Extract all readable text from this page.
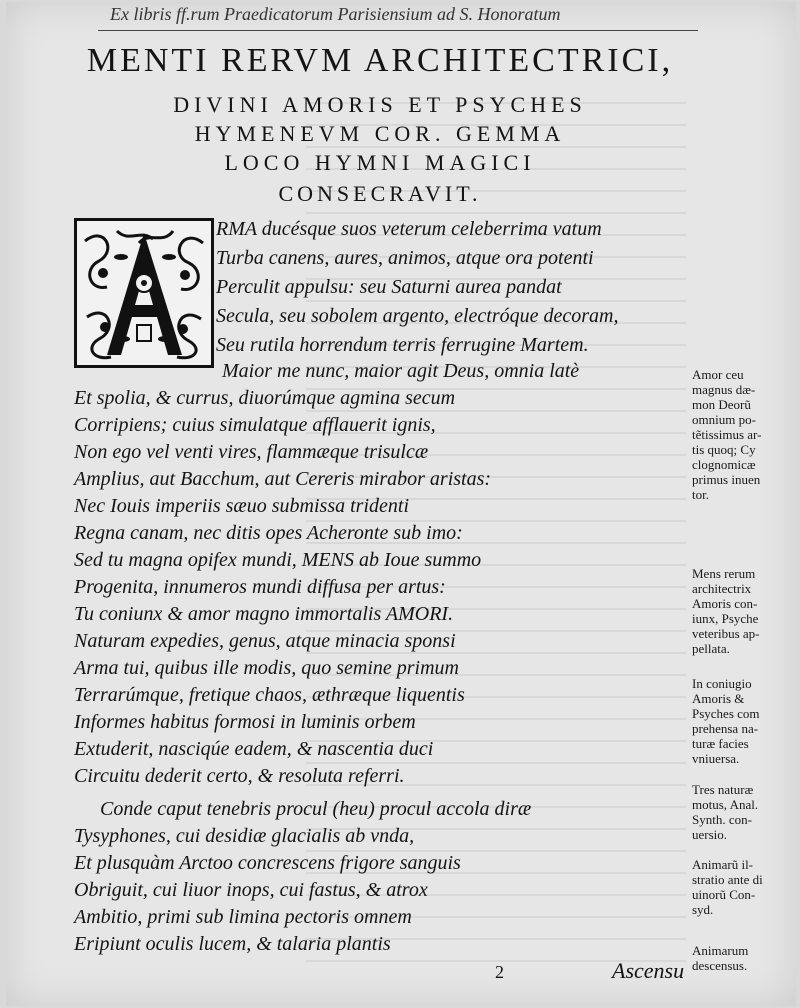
Ex libris ff.rum Praedicatorum Parisiensium ad S. Honoratum
MENTI RERVM ARCHITECTRICI,
DIVINI AMORIS ET PSYCHES
HYMENEVM COR. GEMMA
LOCO HYMNI MAGICI
CONSECRAVIT.
RMA ducésque suos veterum celeberrima vatum
Turba canens, aures, animos, atque ora potenti
Perculit appulsu: seu Saturni aurea pandat
Secula, seu sobolem argento, electróque decoram,
Seu rutila horrendum terris ferrugine Martem.
Maior me nunc, maior agit Deus, omnia latè
Et spolia, & currus, diuorúmque agmina secum
Corripiens; cuius simulatque afflauerit ignis,
Non ego vel venti vires, flammæque trisulcæ
Amplius, aut Bacchum, aut Cereris mirabor aristas:
Nec Iouis imperiis sæuo submissa tridenti
Regna canam, nec ditis opes Acheronte sub imo:
Sed tu magna opifex mundi, MENS ab Ioue summo
Progenita, innumeros mundi diffusa per artus:
Tu coniunx & amor magno immortalis AMORI.
Naturam expedies, genus, atque minacia sponsi
Arma tui, quibus ille modis, quo semine primum
Terrarúmque, fretique chaos, æthræque liquentis
Informes habitus formosi in luminis orbem
Extuderit, nasciqúe eadem, & nascentia duci
Circuitu dederit certo, & resoluta referri.
Conde caput tenebris procul (heu) procul accola diræ
Tysyphones, cui desidiæ glacialis ab vnda,
Et plusquàm Arctoo concrescens frigore sanguis
Obriguit, cui liuor inops, cui fastus, & atrox
Ambitio, primi sub limina pectoris omnem
Eripiunt oculis lucem, & talaria plantis
Amor ceu
magnus dæ-
mon Deorũ
omnium po-
tẽtissimus ar-
tis quoq; Cy
clognomicæ
primus inuen
tor.
Mens rerum
architectrix
Amoris con-
iunx, Psyche
veteribus ap-
pellata.
In coniugio
Amoris &
Psyches com
prehensa na-
turæ facies
vniuersa.
Tres naturæ
motus, Anal.
Synth. con-
uersio.
Animarũ il-
stratio ante di
uinorũ Con-
syd.
Animarum
descensus.
2	Ascensu
